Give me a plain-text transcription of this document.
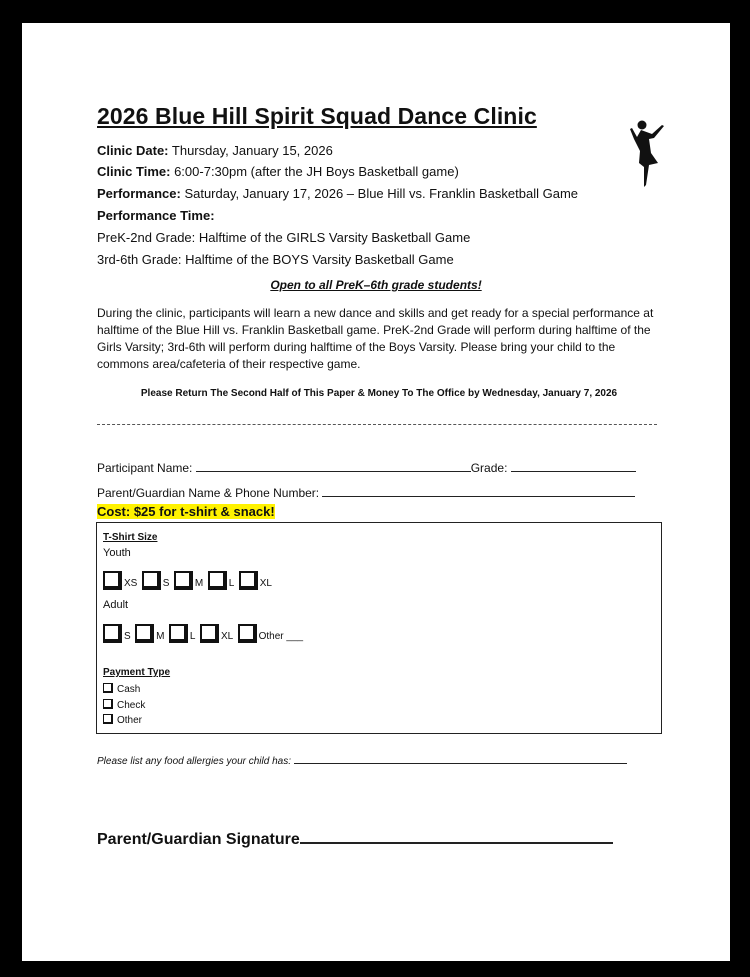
2026 Blue Hill Spirit Squad Dance Clinic
Clinic Date: Thursday, January 15, 2026
Clinic Time: 6:00-7:30pm (after the JH Boys Basketball game)
Performance: Saturday, January 17, 2026 – Blue Hill vs. Franklin Basketball Game
Performance Time:
PreK-2nd Grade: Halftime of the GIRLS Varsity Basketball Game
3rd-6th Grade: Halftime of the BOYS Varsity Basketball Game
Open to all PreK–6th grade students!
During the clinic, participants will learn a new dance and skills and get ready for a special performance at halftime of the Blue Hill vs. Franklin Basketball game. PreK-2nd Grade will perform during halftime of the Girls Varsity; 3rd-6th will perform during halftime of the Boys Varsity. Please bring your child to the commons area/cafeteria of their respective game.
Please Return The Second Half of This Paper & Money To The Office by Wednesday, January 7, 2026
Participant Name:	Grade:
Parent/Guardian Name & Phone Number:
Cost: $25 for t-shirt & snack!
T-Shirt Size
Youth
XS	S	M	L	XL
Adult
S	M	L	XL	Other ___
Payment Type
Cash
Check
Other
Please list any food allergies your child has:
Parent/Guardian Signature
